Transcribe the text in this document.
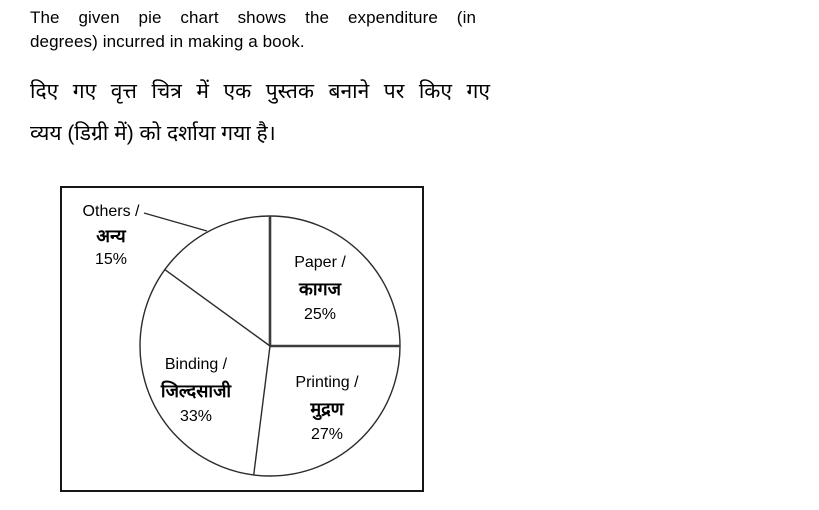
The given pie chart shows the expenditure (in
degrees) incurred in making a book.
दिए गए वृत्त चित्र में एक पुस्तक बनाने पर किए गए
व्यय (डिग्री में) को दर्शाया गया है।
Others /
अन्य
15%	Paper /
कागज
25%
Binding /
जिल्दसाजी
33%
Printing /
मुद्रण
27%
